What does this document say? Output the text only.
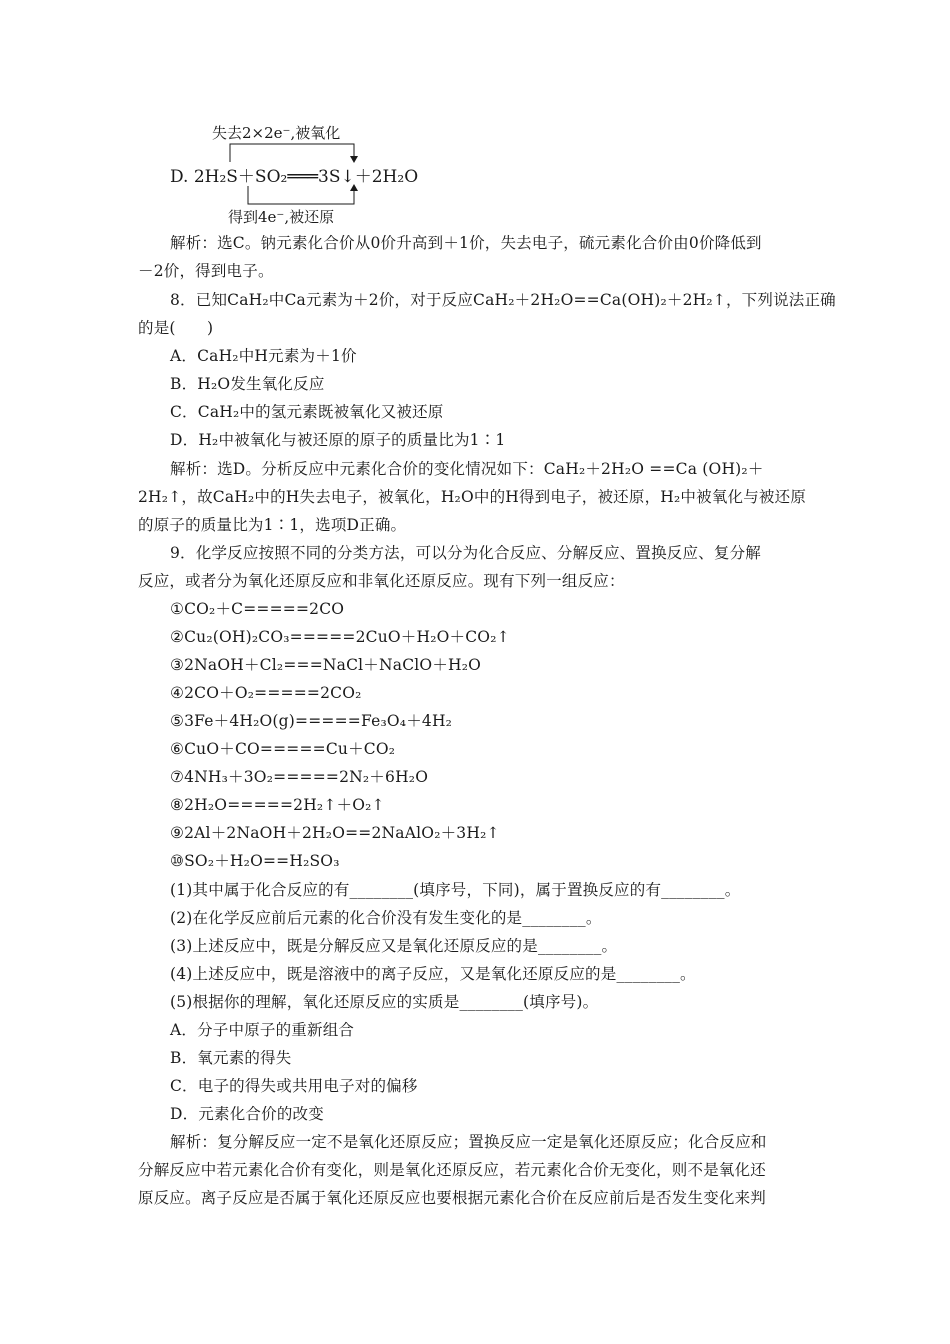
失去2×2e⁻,被氧化
D. 2H₂S＋SO₂═══3S↓＋2H₂O
得到4e⁻,被还原
解析：选C。钠元素化合价从0价升高到＋1价，失去电子，硫元素化合价由0价降低到
－2价，得到电子。
8．已知CaH₂中Ca元素为＋2价，对于反应CaH₂＋2H₂O==Ca(OH)₂＋2H₂↑，下列说法正确
的是(　　)
A．CaH₂中H元素为＋1价
B．H₂O发生氧化反应
C．CaH₂中的氢元素既被氧化又被还原
D．H₂中被氧化与被还原的原子的质量比为1∶1
解析：选D。分析反应中元素化合价的变化情况如下：CaH₂＋2H₂O ==Ca (OH)₂＋
2H₂↑，故CaH₂中的H失去电子，被氧化，H₂O中的H得到电子，被还原，H₂中被氧化与被还原
的原子的质量比为1∶1，选项D正确。
9．化学反应按照不同的分类方法，可以分为化合反应、分解反应、置换反应、复分解
反应，或者分为氧化还原反应和非氧化还原反应。现有下列一组反应：
①CO₂＋C=====2CO
②Cu₂(OH)₂CO₃=====2CuO＋H₂O＋CO₂↑
③2NaOH＋Cl₂===NaCl＋NaClO＋H₂O
④2CO＋O₂=====2CO₂
⑤3Fe＋4H₂O(g)=====Fe₃O₄＋4H₂
⑥CuO＋CO=====Cu＋CO₂
⑦4NH₃＋3O₂=====2N₂＋6H₂O
⑧2H₂O=====2H₂↑＋O₂↑
⑨2Al＋2NaOH＋2H₂O==2NaAlO₂＋3H₂↑
⑩SO₂＋H₂O==H₂SO₃
(1)其中属于化合反应的有________(填序号，下同)，属于置换反应的有________。
(2)在化学反应前后元素的化合价没有发生变化的是________。
(3)上述反应中，既是分解反应又是氧化还原反应的是________。
(4)上述反应中，既是溶液中的离子反应，又是氧化还原反应的是________。
(5)根据你的理解，氧化还原反应的实质是________(填序号)。
A．分子中原子的重新组合
B．氧元素的得失
C．电子的得失或共用电子对的偏移
D．元素化合价的改变
解析：复分解反应一定不是氧化还原反应；置换反应一定是氧化还原反应；化合反应和
分解反应中若元素化合价有变化，则是氧化还原反应，若元素化合价无变化，则不是氧化还
原反应。离子反应是否属于氧化还原反应也要根据元素化合价在反应前后是否发生变化来判
